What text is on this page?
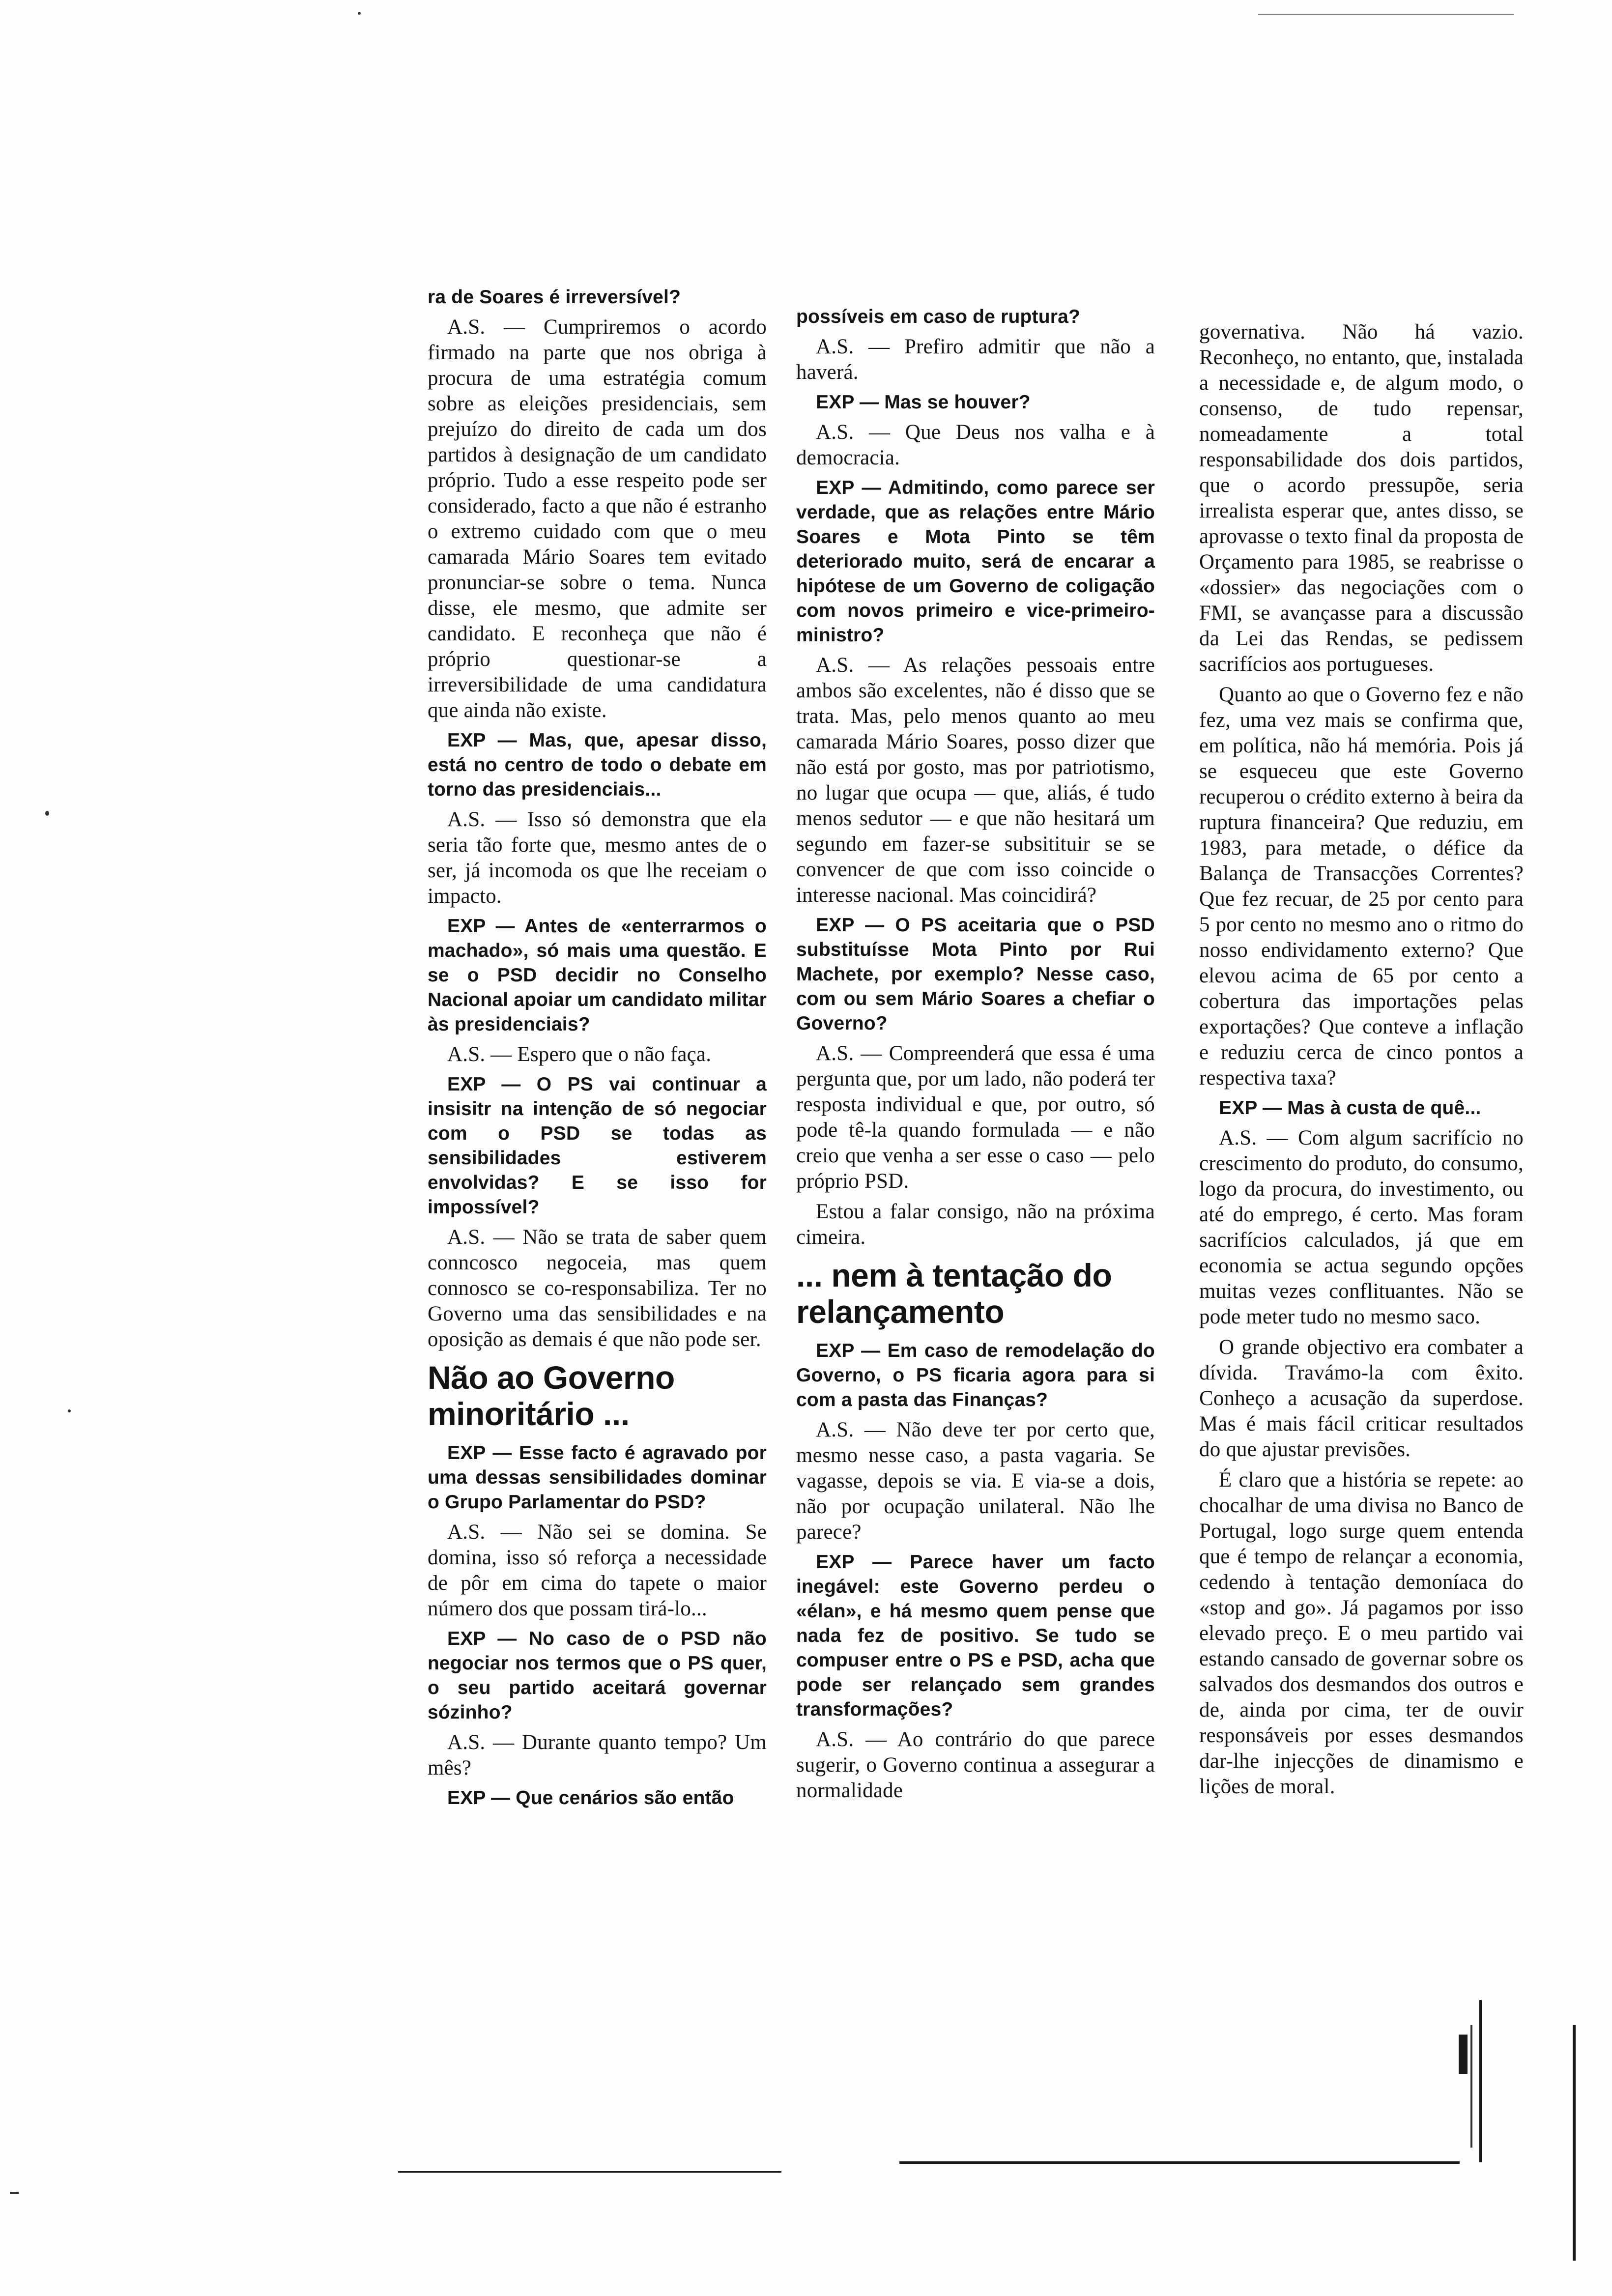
ra de Soares é irreversível?

A.S. — Cumpriremos o acordo firmado na parte que nos obriga à procura de uma estratégia comum sobre as eleições presidenciais, sem prejuízo do direito de cada um dos partidos à designação de um candidato próprio. Tudo a esse respeito pode ser considerado, facto a que não é estranho o extremo cuidado com que o meu camarada Mário Soares tem evitado pronunciar-se sobre o tema. Nunca disse, ele mesmo, que admite ser candidato. E reconheça que não é próprio questionar-se a irreversibilidade de uma candidatura que ainda não existe.

EXP — Mas, que, apesar disso, está no centro de todo o debate em torno das presidenciais...

A.S. — Isso só demonstra que ela seria tão forte que, mesmo antes de o ser, já incomoda os que lhe receiam o impacto.

EXP — Antes de «enterrarmos o machado», só mais uma questão. E se o PSD decidir no Conselho Nacional apoiar um candidato militar às presidenciais?

A.S. — Espero que o não faça.

EXP — O PS vai continuar a insisitr na intenção de só negociar com o PSD se todas as sensibilidades estiverem envolvidas? E se isso for impossível?

A.S. — Não se trata de saber quem conncosco negoceia, mas quem connosco se co-responsabiliza. Ter no Governo uma das sensibilidades e na oposição as demais é que não pode ser.

Não ao Governo minoritário ...

EXP — Esse facto é agravado por uma dessas sensibilidades dominar o Grupo Parlamentar do PSD?

A.S. — Não sei se domina. Se domina, isso só reforça a necessidade de pôr em cima do tapete o maior número dos que possam tirá-lo...

EXP — No caso de o PSD não negociar nos termos que o PS quer, o seu partido aceitará governar sózinho?

A.S. — Durante quanto tempo? Um mês?

EXP — Que cenários são então

possíveis em caso de ruptura?

A.S. — Prefiro admitir que não a haverá.

EXP — Mas se houver?

A.S. — Que Deus nos valha e à democracia.

EXP — Admitindo, como parece ser verdade, que as relações entre Mário Soares e Mota Pinto se têm deteriorado muito, será de encarar a hipótese de um Governo de coligação com novos primeiro e vice-primeiro-ministro?

A.S. — As relações pessoais entre ambos são excelentes, não é disso que se trata. Mas, pelo menos quanto ao meu camarada Mário Soares, posso dizer que não está por gosto, mas por patriotismo, no lugar que ocupa — que, aliás, é tudo menos sedutor — e que não hesitará um segundo em fazer-se subsitituir se se convencer de que com isso coincide o interesse nacional. Mas coincidirá?

EXP — O PS aceitaria que o PSD substituísse Mota Pinto por Rui Machete, por exemplo? Nesse caso, com ou sem Mário Soares a chefiar o Governo?

A.S. — Compreenderá que essa é uma pergunta que, por um lado, não poderá ter resposta individual e que, por outro, só pode tê-la quando formulada — e não creio que venha a ser esse o caso — pelo próprio PSD.

Estou a falar consigo, não na próxima cimeira.

... nem à tentação do relançamento

EXP — Em caso de remodelação do Governo, o PS ficaria agora para si com a pasta das Finanças?

A.S. — Não deve ter por certo que, mesmo nesse caso, a pasta vagaria. Se vagasse, depois se via. E via-se a dois, não por ocupação unilateral. Não lhe parece?

EXP — Parece haver um facto inegável: este Governo perdeu o «élan», e há mesmo quem pense que nada fez de positivo. Se tudo se compuser entre o PS e PSD, acha que pode ser relançado sem grandes transformações?

A.S. — Ao contrário do que parece sugerir, o Governo continua a assegurar a normalidade

governativa. Não há vazio. Reconheço, no entanto, que, instalada a necessidade e, de algum modo, o consenso, de tudo repensar, nomeadamente a total responsabilidade dos dois partidos, que o acordo pressupõe, seria irrealista esperar que, antes disso, se aprovasse o texto final da proposta de Orçamento para 1985, se reabrisse o «dossier» das negociações com o FMI, se avançasse para a discussão da Lei das Rendas, se pedissem sacrifícios aos portugueses.

Quanto ao que o Governo fez e não fez, uma vez mais se confirma que, em política, não há memória. Pois já se esqueceu que este Governo recuperou o crédito externo à beira da ruptura financeira? Que reduziu, em 1983, para metade, o défice da Balança de Transacções Correntes? Que fez recuar, de 25 por cento para 5 por cento no mesmo ano o ritmo do nosso endividamento externo? Que elevou acima de 65 por cento a cobertura das importações pelas exportações? Que conteve a inflação e reduziu cerca de cinco pontos a respectiva taxa?

EXP — Mas à custa de quê...

A.S. — Com algum sacrifício no crescimento do produto, do consumo, logo da procura, do investimento, ou até do emprego, é certo. Mas foram sacrifícios calculados, já que em economia se actua segundo opções muitas vezes conflituantes. Não se pode meter tudo no mesmo saco.

O grande objectivo era combater a dívida. Travámo-la com êxito. Conheço a acusação da superdose. Mas é mais fácil criticar resultados do que ajustar previsões.

É claro que a história se repete: ao chocalhar de uma divisa no Banco de Portugal, logo surge quem entenda que é tempo de relançar a economia, cedendo à tentação demoníaca do «stop and go». Já pagamos por isso elevado preço. E o meu partido vai estando cansado de governar sobre os salvados dos desmandos dos outros e de, ainda por cima, ter de ouvir responsáveis por esses desmandos dar-lhe injecções de dinamismo e lições de moral.
